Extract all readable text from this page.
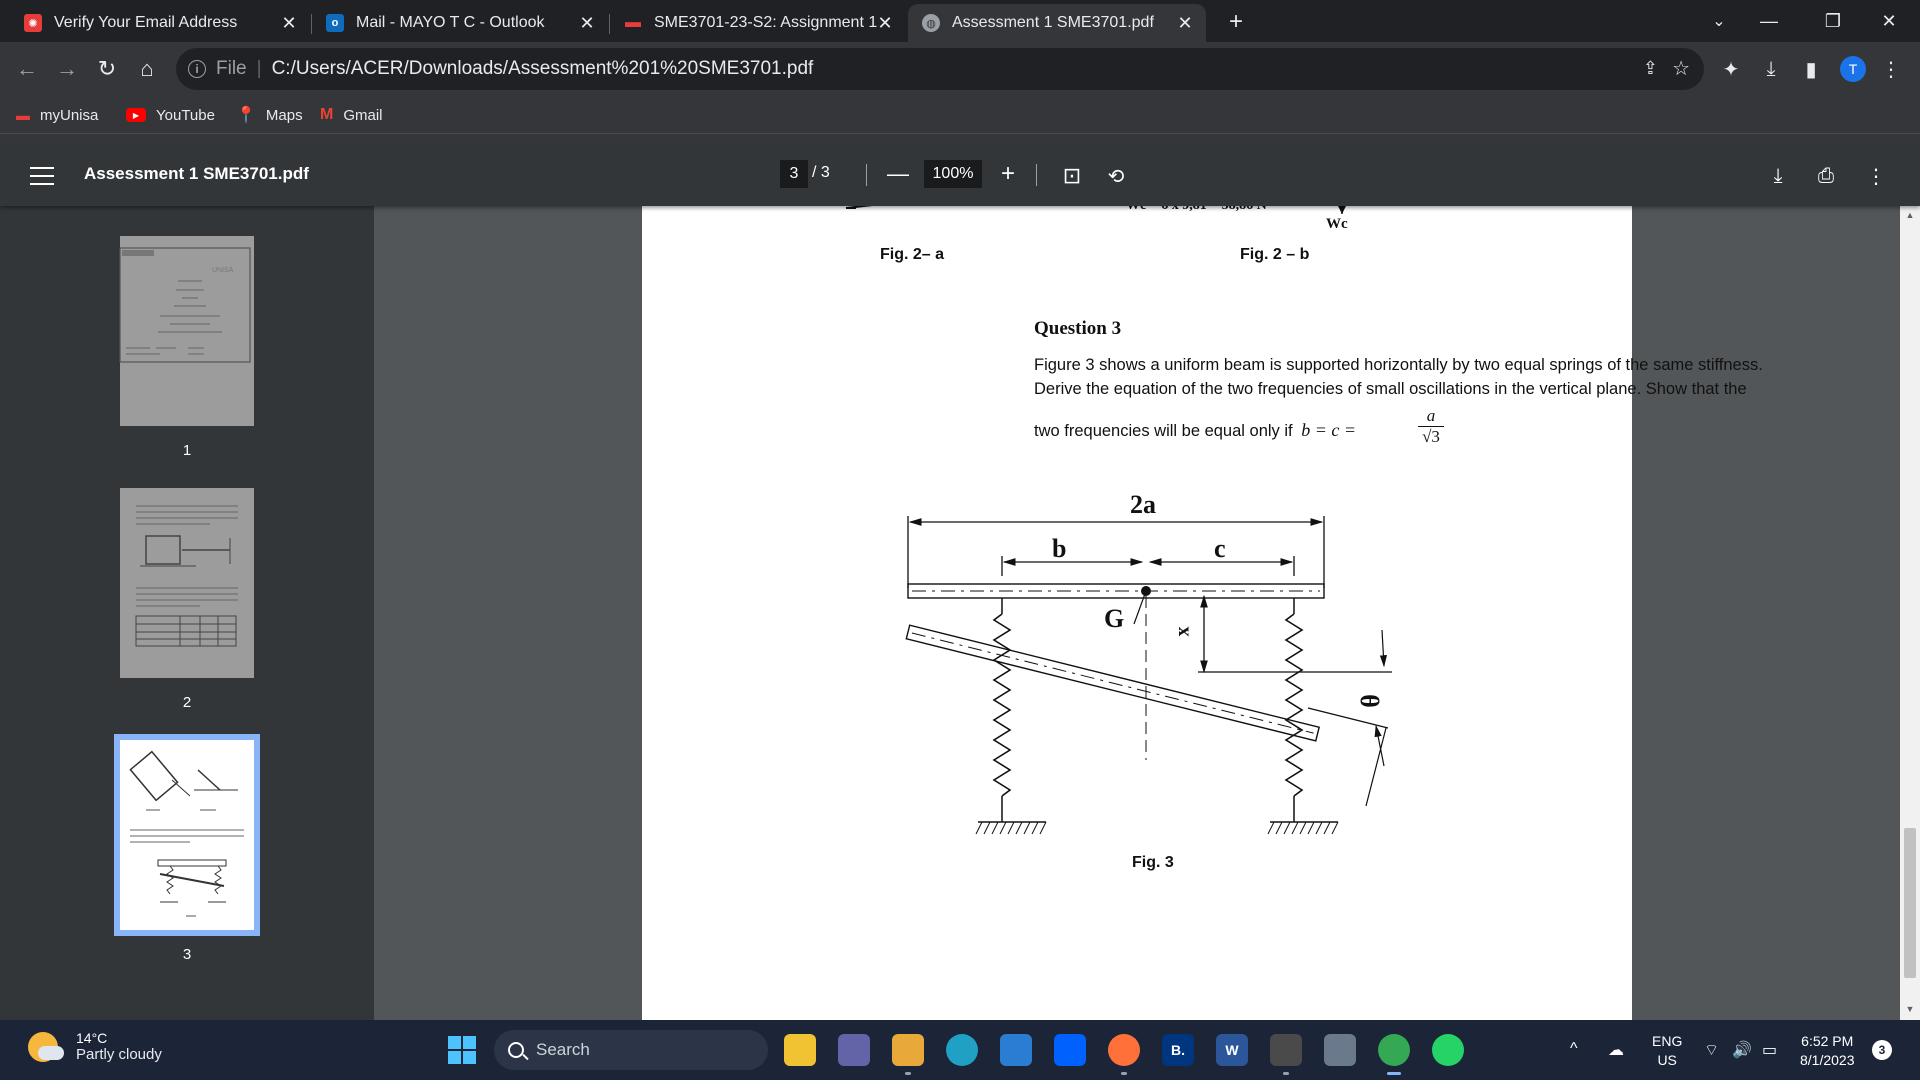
✺ Verify Your Email Address ✕	o	Mail - MAYO T C - Outlook ✕ ▬ SME3701-23-S2: Assignment 1 ✕	◍ Assessment 1 SME3701.pdf ✕ +	⌄	—	❐	✕
← → ↻	⌂	i File | C:/Users/ACER/Downloads/Assessment%201%20SME3701.pdf	⇪ ☆ ✦	⤓	▮	T	⋮
▬ myUnisa	▶	YouTube 📍 Maps M Gmail
Assessment 1 SME3701.pdf	3 / 3	—	100%	+	⊡ ⟲	⤓	⎙	⋮
UNISA
1
2
3
Wc
Fig. 2– a	Fig. 2 – b
Question 3
Figure 3 shows a uniform beam is supported horizontally by two equal springs of the same stiffness.
Derive the equation of the two frequencies of small oscillations in the vertical plane. Show that the
two frequencies will be equal only if b = c =	$\frac{a}{√3}$
2a
b	c
G x
θ
Fig. 3
▲
▼
14°C
Partly cloudy	Search	B.	W	^ ☁
ENG
US
⌔ 🔊 ▭
6:52 PM
8/1/2023
3
